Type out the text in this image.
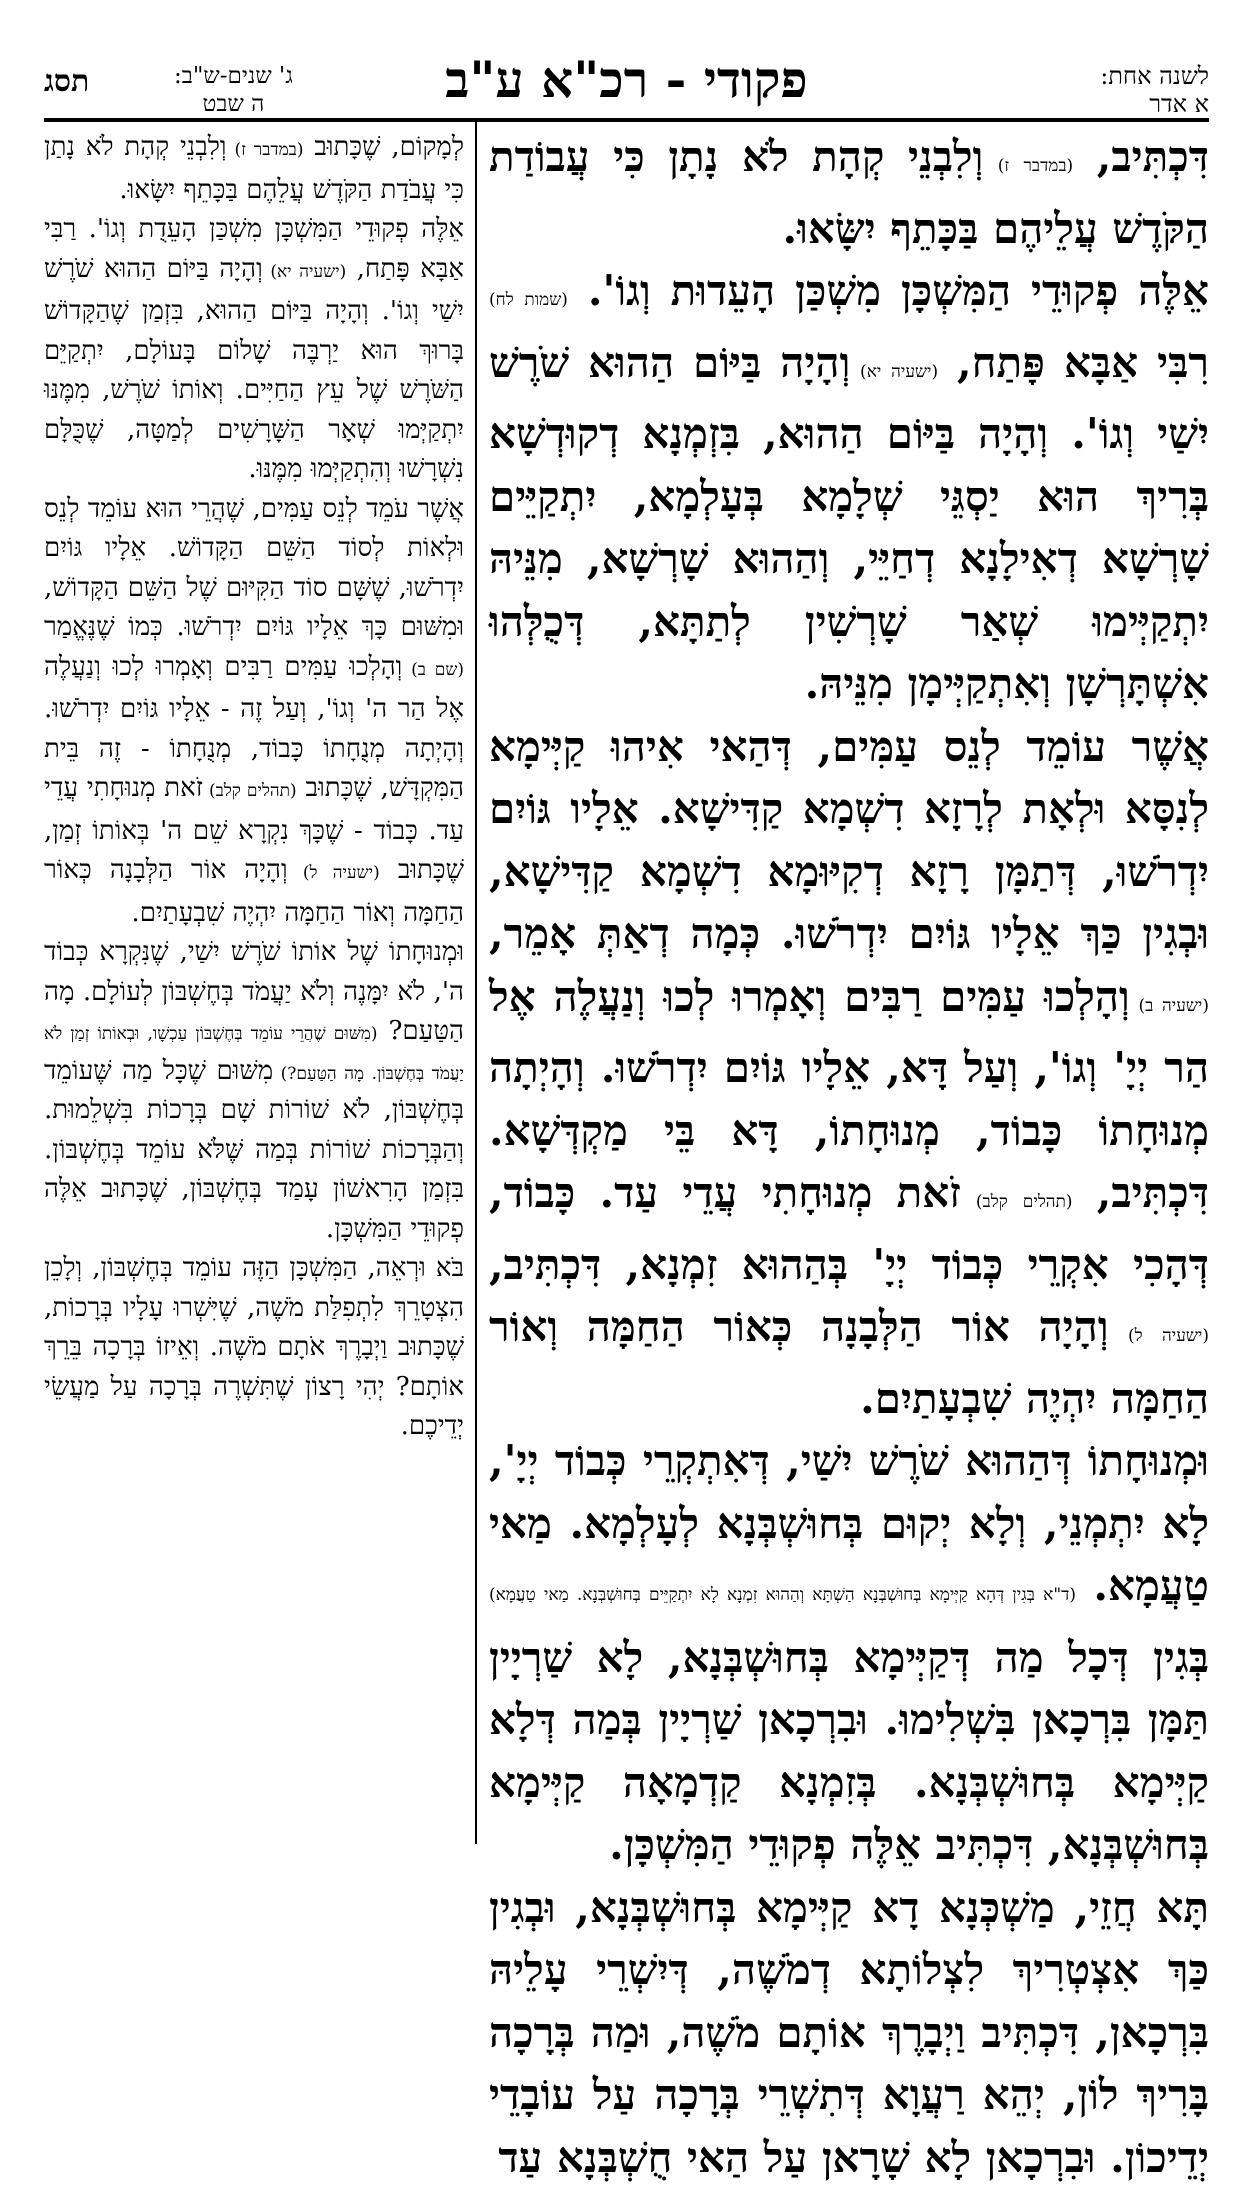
לשנה אחת:
א אדר
פקודי - רכ"א ע"ב
ג' שנים-ש"ב:
ה שבט
תסג

דִּכְתִּיב, (במדבר ז) וְלִבְנֵי קְהָת לֹא נָתָן כִּי עֲבוֹדַת הַקֹּדֶשׁ עֲלֵיהֶם בַּכָּתֵף יִשָּׂאוּ.

אֵלֶּה פְקוּדֵי הַמִּשְׁכָּן מִשְׁכַּן הָעֵדוּת וְגוֹ'. (שמות לח) רִבִּי אַבָּא פָּתַח, (ישעיה יא) וְהָיָה בַּיּוֹם הַהוּא שֹׁרֶשׁ יִשַׁי וְגוֹ'. וְהָיָה בַּיּוֹם הַהוּא, בִּזְמְנָא דְקוּדְשָׁא בְּרִיךְ הוּא יַסְגֵּי שְׁלָמָא בְּעָלְמָא, יִתְקַיֵּים שָׁרְשָׁא דְאִילָנָא דְחַיֵּי, וְהַהוּא שָׁרְשָׁא, מִנֵּיהּ יִתְקַיְּימוּ שְׁאַר שָׁרְשִׁין לְתַתָּא, דְּכֻלְּהוּ אִשְׁתָּרְשָׁן וְאִתְקַיְּימָן מִנֵּיהּ.

אֲשֶׁר עוֹמֵד לְנֵס עַמִּים, דְּהַאי אִיהוּ קַיְּימָא לְנִסָּא וּלְאָת לְרָזָא דִשְׁמָא קַדִּישָׁא. אֵלָיו גּוֹיִם יִדְרֹשׁוּ, דְּתַמָּן רָזָא דְקִיּוּמָא דִשְׁמָא קַדִּישָׁא, וּבְגִין כַּךְ אֵלָיו גּוֹיִם יִדְרֹשׁוּ. כְּמָה דְאַתְּ אָמֵר, (ישעיה ב) וְהָלְכוּ עַמִּים רַבִּים וְאָמְרוּ לְכוּ וְנַעֲלֶה אֶל הַר יְיָ' וְגוֹ', וְעַל דָּא, אֵלָיו גּוֹיִם יִדְרֹשׁוּ. וְהָיְתָה מְנוּחָתוֹ כָּבוֹד, מְנוּחָתוֹ, דָּא בֵּי מַקְדְּשָׁא. דִּכְתִּיב, (תהלים קלב) זֹאת מְנוּחָתִי עֲדֵי עַד. כָּבוֹד, דְּהָכִי אִקְרֵי כְּבוֹד יְיָ' בְּהַהוּא זִמְנָא, דִּכְתִּיב, (ישעיה ל) וְהָיָה אוֹר הַלְּבָנָה כְּאוֹר הַחַמָּה וְאוֹר הַחַמָּה יִהְיֶה שִׁבְעָתַיִם.

וּמְנוּחָתוֹ דְּהַהוּא שֹׁרֶשׁ יִשַׁי, דְּאִתְקְרֵי כְּבוֹד יְיָ', לָא יִתְמְנֵי, וְלָא יְקוּם בְּחוּשְׁבְּנָא לְעָלְמָא. מַאי טַעֲמָא. (ד"א בְּגִין דְּהָא קַיְּימָא בְּחוּשְׁבְּנָא הַשְׁתָּא וְהַהוּא זִמְנָא לָא יִתְקַיֵּים בְּחוּשְׁבְּנָא. מַאי טַעֲמָא) בְּגִין דְּכָל מַה דְּקַיְּימָא בְּחוּשְׁבְּנָא, לָא שַׁרְיָין תַּמָּן בִּרְכָאן בִּשְׁלִימוּ. וּבִרְכָאן שַׁרְיָין בְּמַה דְּלָא קַיְּימָא בְּחוּשְׁבְּנָא. בְּזִמְנָא קַדְמָאָה קַיְּימָא בְּחוּשְׁבְּנָא, דִּכְתִּיב אֵלֶּה פְקוּדֵי הַמִּשְׁכָּן.

תָּא חֲזֵי, מַשְׁכְּנָא דָא קַיְּימָא בְּחוּשְׁבְּנָא, וּבְגִין כַּךְ אִצְטְרִיךְ לִצְלוֹתָא דְמֹשֶׁה, דְּיִשְׁרֵי עָלֵיהּ בִּרְכָאן, דִּכְתִּיב וַיְבָרֶךְ אוֹתָם מֹשֶׁה, וּמַה בְּרָכָה בָּרִיךְ לוֹן, יְהֵא רַעֲוָא דְּתִשְׁרֵי בְּרָכָה עַל עוֹבָדֵי יְדֵיכוֹן. וּבִרְכָאן לָא שָׁרָאן עַל הַאי חֻשְׁבְּנָא עַד

לְמָקוֹם, שֶׁכָּתוּב (במדבר ז) וְלִבְנֵי קְהָת לֹא נָתַן כִּי עֲבֹדַת הַקֹּדֶשׁ עֲלֵהֶם בַּכָּתֵף יִשָּׂאוּ.

אֵלֶּה פְקוּדֵי הַמִּשְׁכָּן מִשְׁכַּן הָעֵדֻת וְגוֹ'. רַבִּי אַבָּא פָּתַח, (ישעיה יא) וְהָיָה בַּיּוֹם הַהוּא שֹׁרֶשׁ יִשַׁי וְגוֹ'. וְהָיָה בַּיּוֹם הַהוּא, בִּזְמַן שֶׁהַקָּדוֹשׁ בָּרוּךְ הוּא יַרְבֶּה שָׁלוֹם בָּעוֹלָם, יִתְקַיֵּם הַשֹּׁרֶשׁ שֶׁל עֵץ הַחַיִּים. וְאוֹתוֹ שֹׁרֶשׁ, מִמֶּנּוּ יִתְקַיְּמוּ שְׁאָר הַשָּׁרָשִׁים לְמַטָּה, שֶׁכֻּלָּם נִשְׁרָשׁוּ וְהִתְקַיְּמוּ מִמֶּנּוּ.

אֲשֶׁר עֹמֵד לְנֵס עַמִּים, שֶׁהֲרֵי הוּא עוֹמֵד לְנֵס וּלְאוֹת לְסוֹד הַשֵּׁם הַקָּדוֹשׁ. אֵלָיו גּוֹיִם יִדְרֹשׁוּ, שֶׁשָּׁם סוֹד הַקִּיּוּם שֶׁל הַשֵּׁם הַקָּדוֹשׁ, וּמִשּׁוּם כָּךְ אֵלָיו גּוֹיִם יִדְרֹשׁוּ. כְּמוֹ שֶׁנֶּאֱמַר (שם ב) וְהָלְכוּ עַמִּים רַבִּים וְאָמְרוּ לְכוּ וְנַעֲלֶה אֶל הַר ה' וְגוֹ', וְעַל זֶה - אֵלָיו גּוֹיִם יִדְרֹשׁוּ. וְהָיְתָה מְנֻחָתוֹ כָּבוֹד, מְנֻחָתוֹ - זֶה בֵּית הַמִּקְדָּשׁ, שֶׁכָּתוּב (תהלים קלב) זֹאת מְנוּחָתִי עֲדֵי עַד. כָּבוֹד - שֶׁכָּךְ נִקְרָא שֵׁם ה' בְּאוֹתוֹ זְמַן, שֶׁכָּתוּב (ישעיה ל) וְהָיָה אוֹר הַלְּבָנָה כְּאוֹר הַחַמָּה וְאוֹר הַחַמָּה יִהְיֶה שִׁבְעָתַיִם.

וּמְנוּחָתוֹ שֶׁל אוֹתוֹ שֹׁרֶשׁ יִשַׁי, שֶׁנִּקְרָא כְּבוֹד ה', לֹא יִמָּנֶה וְלֹא יַעֲמֹד בְּחֶשְׁבּוֹן לְעוֹלָם. מָה הַטַּעַם? (מִשּׁוּם שֶׁהֲרֵי עוֹמֵד בְּחֶשְׁבּוֹן עַכְשָׁו, וּבְאוֹתוֹ זְמַן לֹא יַעֲמֹד בְּחֶשְׁבּוֹן. מָה הַטַּעַם?) מִשּׁוּם שֶׁכָּל מַה שֶּׁעוֹמֵד בְּחֶשְׁבּוֹן, לֹא שׁוֹרוֹת שָׁם בְּרָכוֹת בִּשְׁלֵמוּת. וְהַבְּרָכוֹת שׁוֹרוֹת בְּמַה שֶּׁלֹּא עוֹמֵד בְּחֶשְׁבּוֹן. בִּזְמַן הָרִאשׁוֹן עָמַד בְּחֶשְׁבּוֹן, שֶׁכָּתוּב אֵלֶּה פְקוּדֵי הַמִּשְׁכָּן.

בֹּא וּרְאֵה, הַמִּשְׁכָּן הַזֶּה עוֹמֵד בְּחֶשְׁבּוֹן, וְלָכֵן הִצְטָרֵךְ לִתְפִלַּת מֹשֶׁה, שֶׁיִּשְׁרוּ עָלָיו בְּרָכוֹת, שֶׁכָּתוּב וַיְבָרֶךְ אֹתָם מֹשֶׁה. וְאֵיזוֹ בְּרָכָה בֵּרֵךְ אוֹתָם? יְהִי רָצוֹן שֶׁתִּשְׁרֶה בְּרָכָה עַל מַעֲשֵׂי יְדֵיכֶם.
